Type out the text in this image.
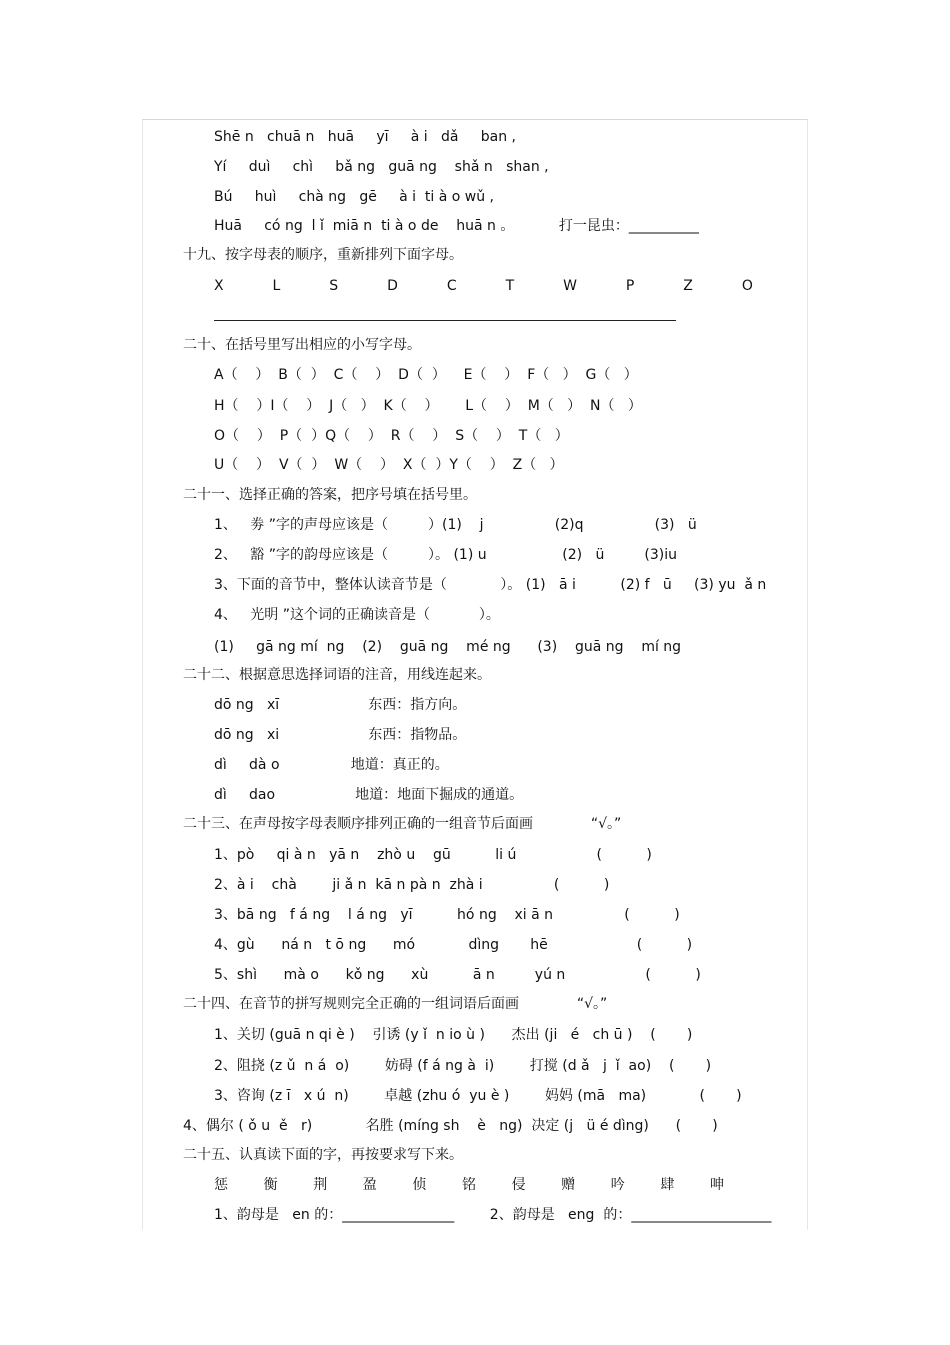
Shē n   chuā n   huā     yī     à i   dǎ     ban ,
Yí     duì     chì     bǎ ng   guā ng    shǎ n   shan ,
Bú     huì     chà ng   gē     à i  ti à o wǔ ,
Huā     có ng  l ǐ  miā n  ti à o de    huā n 。          打一昆虫：__________
十九、按字母表的顺序，重新排列下面字母。
X           L           S           D           C           T           W           P           Z           O
二十、在括号里写出相应的小写字母。
A（    ）  B（  ）  C（    ）  D（  ）    E（    ）  F（   ）  G（   ）
H（    ）I（    ）  J（   ）  K（    ）      L（    ）  M（   ）  N（   ）
O（    ）  P（  ）Q（    ）  R（    ）  S（    ）  T（   ）
U（    ）  V（  ）  W（    ）  X（  ）Y（    ）  Z（   ）
二十一、选择正确的答案，把序号填在括号里。
1、   劵 ”字的声母应该是（         ）(1)    j                (2)q                (3)   ü
2、   豁 ”字的韵母应该是（         ）。 (1) u                 (2)   ü         (3)iu
3、下面的音节中，整体认读音节是（            ）。 (1)   ā i          (2) f   ū     (3) yu  ǎ n
4、   光明 ”这个词的正确读音是（           ）。
(1)     gā ng mí  ng    (2)    guā ng    mé ng      (3)    guā ng    mí ng
二十二、根据意思选择词语的注音，用线连起来。
dō ng   xī                    东西：指方向。
dō ng   xi                    东西：指物品。
dì     dà o                地道：真正的。
dì     dao                  地道：地面下掘成的通道。
二十三、在声母按字母表顺序排列正确的一组音节后面画             “√。”
1、pò     qi à n   yā n    zhò u    gū          li ú                  (          )
2、à i    chà        ji ǎ n  kā n pà n  zhà i                (          )
3、bā ng   f á ng    l á ng   yī          hó ng    xi ā n                (          )
4、gù      ná n   t ō ng      mó            dìng       hē                    (          )
5、shì      mà o      kǒ ng      xù          ā n         yú n                  (          )
二十四、在音节的拼写规则完全正确的一组词语后面画             “√。”
1、关切 (guā n qi è )    引诱 (y ǐ  n io ù )      杰出 (ji   é   ch ū )    (       )
2、阻挠 (z ǔ  n á  o)        妨碍 (f á ng à  i)        打搅 (d ǎ   j  ǐ  ao)    (       )
3、咨询 (z ī   x ú  n)        卓越 (zhu ó  yu è )        妈妈 (mā   ma)            (       )
4、偶尔 ( ǒ u  ě   r)            名胜 (míng sh    è   ng)  决定 (j   ü é dìng)      (       )
二十五、认真读下面的字，再按要求写下来。
惩        衡        荆        盈        侦        铭        侵        赠        吟        肆        呻
1、韵母是   en 的：________________        2、韵母是   eng  的：____________________
